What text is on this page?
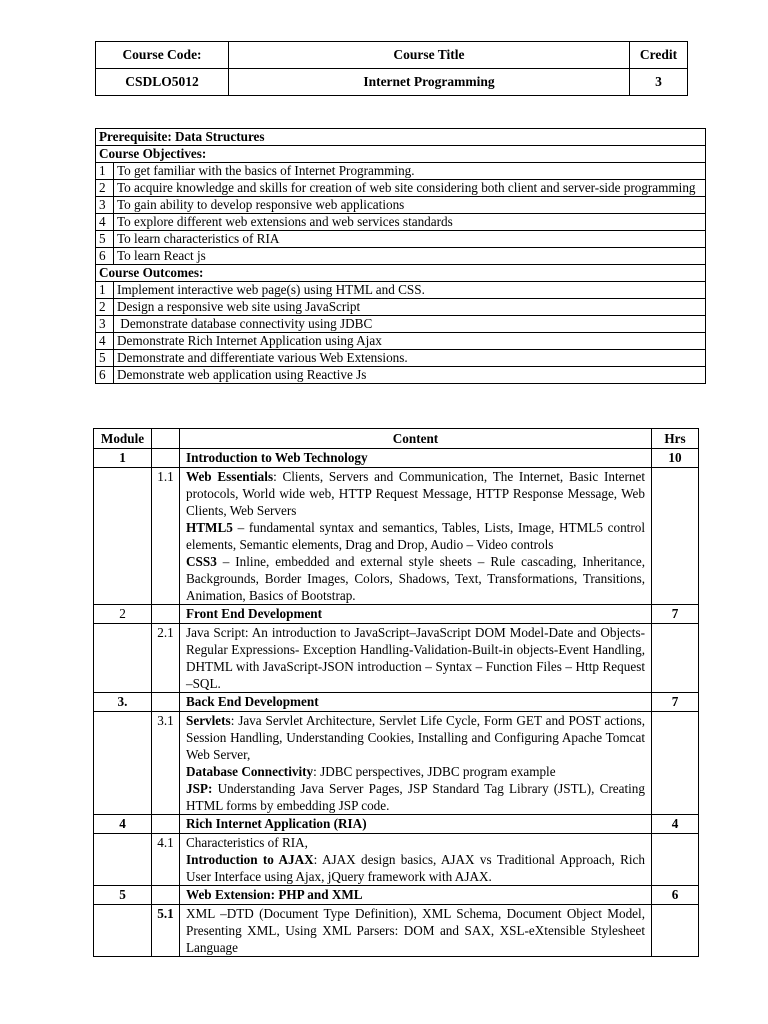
Course Code:	Course Title	Credit
CSDLO5012	Internet Programming	3
Prerequisite: Data Structures	
Course Objectives:	
1	To get familiar with the basics of Internet Programming.
2	To acquire knowledge and skills for creation of web site considering both client and server-side programming
3	To gain ability to develop responsive web applications
4	To explore different web extensions and web services standards
5	To learn characteristics of RIA
6	To learn React js
Course Outcomes:	
1	Implement interactive web page(s) using HTML and CSS.
2	Design a responsive web site using JavaScript
3	Demonstrate database connectivity using JDBC
4	Demonstrate Rich Internet Application using Ajax
5	Demonstrate and differentiate various Web Extensions.
6	Demonstrate web application using Reactive Js
Module		Content	Hrs
1		Introduction to Web Technology	10
	1.1	Web Essentials: Clients, Servers and Communication, The Internet, Basic Internet protocols, World wide web, HTTP Request Message, HTTP Response Message, Web Clients, Web Servers
HTML5 – fundamental syntax and semantics, Tables, Lists, Image, HTML5 control elements, Semantic elements, Drag and Drop, Audio – Video controls
CSS3 – Inline, embedded and external style sheets – Rule cascading, Inheritance, Backgrounds, Border Images, Colors, Shadows, Text, Transformations, Transitions, Animation, Basics of Bootstrap.	

2		Front End Development	7
	2.1	Java Script: An introduction to JavaScript–JavaScript DOM Model-Date and Objects-Regular Expressions- Exception Handling-Validation-Built-in objects-Event Handling, DHTML with JavaScript-JSON introduction – Syntax – Function Files – Http Request –SQL.	

3.		Back End Development	7
	3.1	Servlets: Java Servlet Architecture, Servlet Life Cycle, Form GET and POST actions, Session Handling, Understanding Cookies, Installing and Configuring Apache Tomcat Web Server,
Database Connectivity: JDBC perspectives, JDBC program example
JSP: Understanding Java Server Pages, JSP Standard Tag Library (JSTL), Creating HTML forms by embedding JSP code.	

4		Rich Internet Application (RIA)	4
	4.1	Characteristics of RIA,
Introduction to AJAX: AJAX design basics, AJAX vs Traditional Approach, Rich User Interface using Ajax, jQuery framework with AJAX.	

5		Web Extension: PHP and XML	6
	5.1	XML –DTD (Document Type Definition), XML Schema, Document Object Model, Presenting XML, Using XML Parsers: DOM and SAX, XSL-eXtensible Stylesheet Language	
